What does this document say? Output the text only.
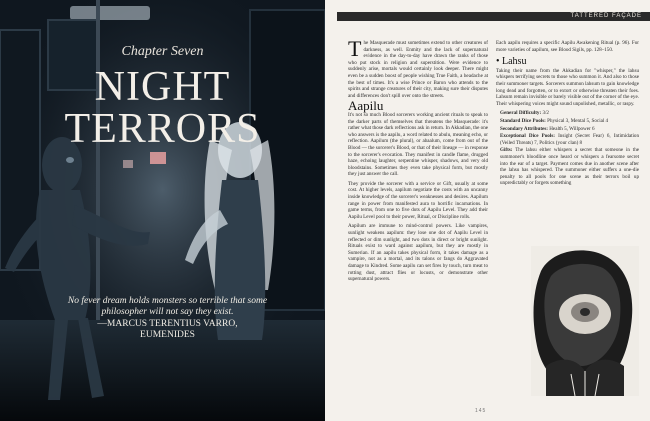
Chapter Seven
NIGHT
TERRORS
No fever dream holds monsters so terrible that some philosopher will not say they exist.
—MARCUS TERENTIUS VARRO,
EUMENIDES
TATTERED FAÇADE

The Masquerade must sometimes extend to other creatures of darkness, as well. Enmity and the lack of supernatural evidence in the day-to-day have drawn the ranks of those who put stock in religion and superstition. Were evidence to suddenly arise, mortals would certainly look deeper. There might even be a sudden boost of people wishing True Faith, a headache at the best of times. It's a wise Prince or Baron who attends to the spirits and strange creatures of their city, making sure their disputes and differences don't spill over onto the streets.

Aapilu

It's not so much Blood sorcerers working ancient rituals to speak to the darker parts of themselves that threatens the Masquerade: it's rather what those dark reflections ask in return. In Akkadian, the one who answers is the aapilu, a word related to abulu, meaning echo, or reflection. Aapilum (the plural), or abaalum, come from out of the Blood — the sorcerer's Blood, or that of their lineage — in response to the sorcerer's evocation. They manifest in candle flame, drugged haze, echoing laughter, serpentine whisper, shadows, and very old bloodstains. Sometimes they even take physical form, but mostly they just answer the call.

They provide the sorcerer with a service or Gift, usually at some cost. At higher levels, aapilum negotiate the costs with an uncanny inside knowledge of the sorcerer's weaknesses and desires. Aapilum range in power from manifested aura to horrific incarnations. In game terms, from one to five dots of Aapilu Level. They add their Aapilu Level pool to their power, Ritual, or Discipline rolls.

Aapilum are immune to mind-control powers. Like vampires, sunlight weakens aapilum: they lose one dot of Aapilu Level in reflected or dim sunlight, and two dots in direct or bright sunlight. Rituals exist to ward against aapilum, but they are mostly in Sumerian. If an aapilu takes physical form, it takes damage as a vampire, not as a mortal, and its talons or fangs do Aggravated damage to Kindred. Some aapilu can set fires by touch, turn meat to rotting dust, attract flies or locusts, or demonstrate other supernatural powers.

Each aapilu requires a specific Aapilu Awakening Ritual (p. 96). For more varieties of aapilum, see Blood Sigils, pp. 128–150.

• Lahsu

Taking their name from the Akkadian for "whisper," the lahsu whispers terrifying secrets to those who summon it. And also to those their summoner targets. Sorcerers summon lahsum to gain knowledge long dead and forgotten, or to extort or otherwise threaten their foes. Lahsum remain invisible or barely visible out of the corner of the eye. Their whispering voices might sound unpolished, metallic, or raspy.

General Difficulty: 3/2
Standard Dice Pools: Physical 3, Mental 5, Social 4
Secondary Attributes: Health 5, Willpower 6
Exceptional Dice Pools: Insight (Secret Fear) 6, Intimidation (Veiled Threats) 7, Politics (your clan) 8
Gifts: The lahsu either whispers a secret that someone in the summoner's bloodline once heard or whispers a fearsome secret into the ear of a target. Payment comes due in another scene after the lahsu has whispered. The summoner either suffers a one-die penalty to all pools for one scene as their terrors boil up unpredictably or forgets something
145
